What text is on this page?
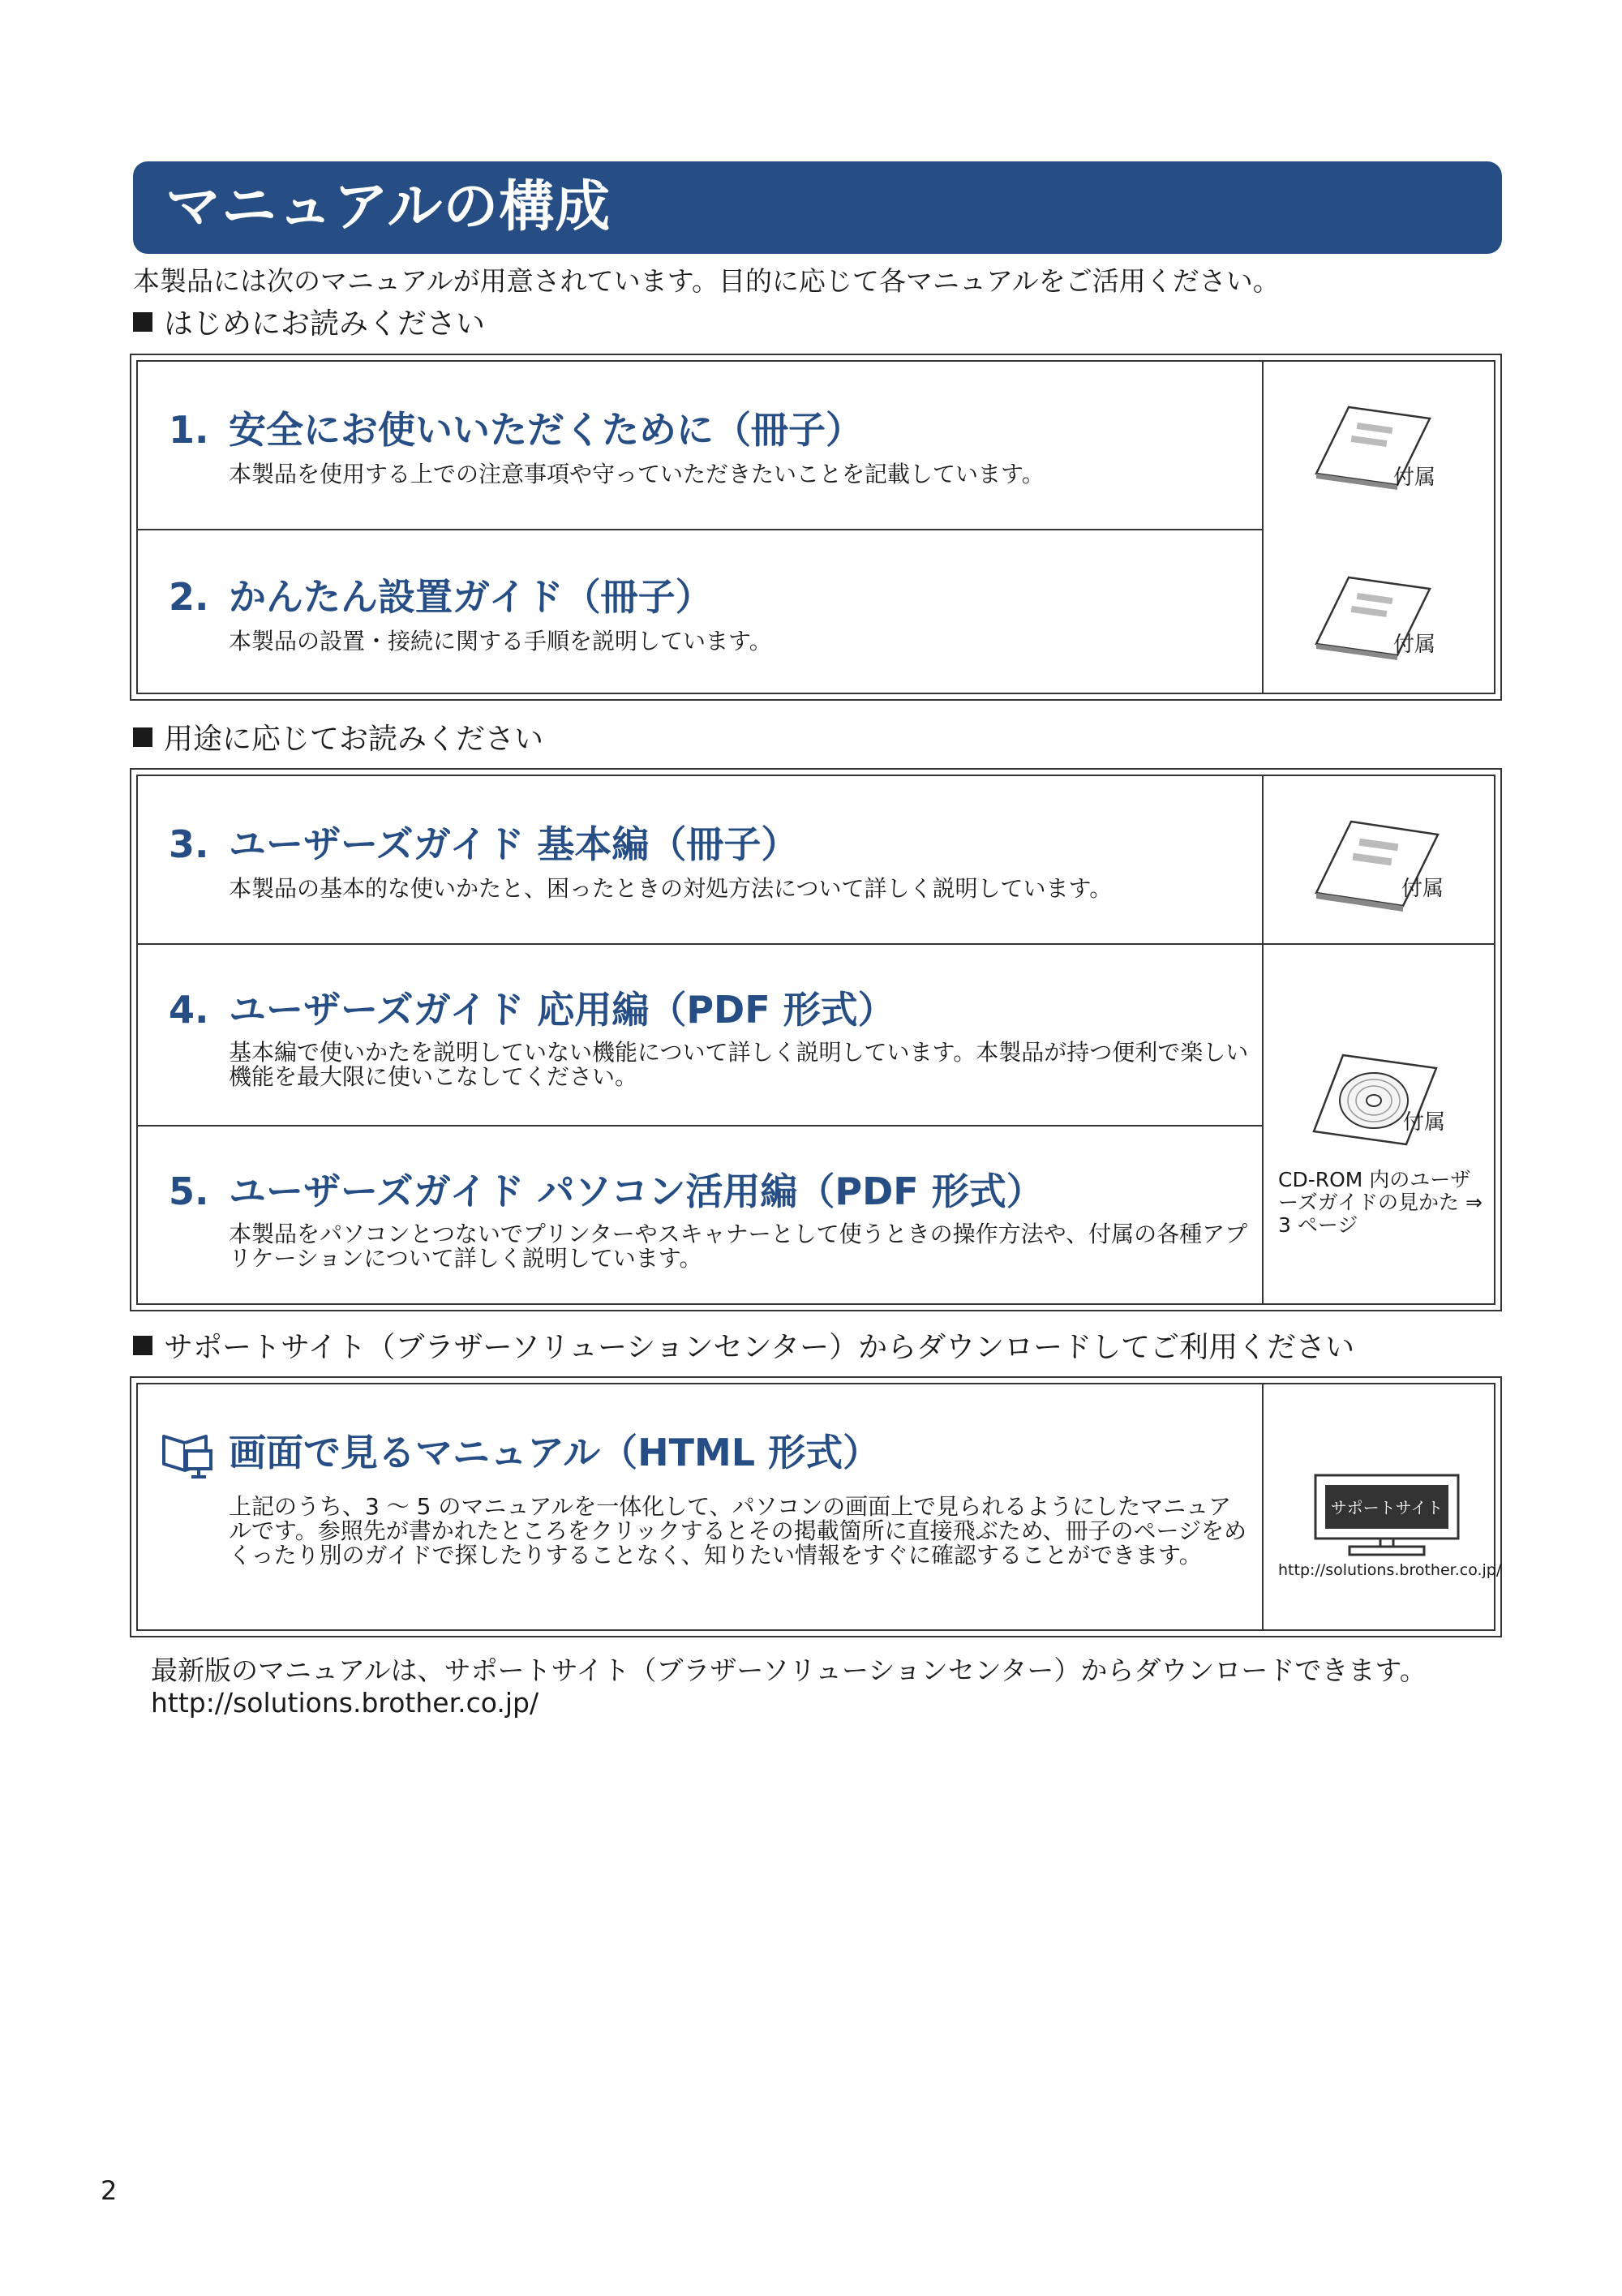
マニュアルの構成
本製品には次のマニュアルが用意されています。目的に応じて各マニュアルをご活用ください。
はじめにお読みください
1. 安全にお使いいただくために（冊子）
本製品を使用する上での注意事項や守っていただきたいことを記載しています。
2. かんたん設置ガイド（冊子）
本製品の設置・接続に関する手順を説明しています。
付属
付属
用途に応じてお読みください
3. ユーザーズガイド 基本編（冊子）
本製品の基本的な使いかたと、困ったときの対処方法について詳しく説明しています。
4. ユーザーズガイド 応用編（PDF 形式）
基本編で使いかたを説明していない機能について詳しく説明しています。本製品が持つ便利で楽しい機能を最大限に使いこなしてください。
5. ユーザーズガイド パソコン活用編（PDF 形式）
本製品をパソコンとつないでプリンターやスキャナーとして使うときの操作方法や、付属の各種アプリケーションについて詳しく説明しています。
付属
付属
CD-ROM 内のユーザーズガイドの見かた ⇒ 3 ページ
サポートサイト（ブラザーソリューションセンター）からダウンロードしてご利用ください
画面で見るマニュアル（HTML 形式）
上記のうち、3 ～ 5 のマニュアルを一体化して、パソコンの画面上で見られるようにしたマニュアルです。参照先が書かれたところをクリックするとその掲載箇所に直接飛ぶため、冊子のページをめくったり別のガイドで探したりすることなく、知りたい情報をすぐに確認することができます。
サポートサイト
http://solutions.brother.co.jp/
最新版のマニュアルは、サポートサイト（ブラザーソリューションセンター）からダウンロードできます。
http://solutions.brother.co.jp/
2
